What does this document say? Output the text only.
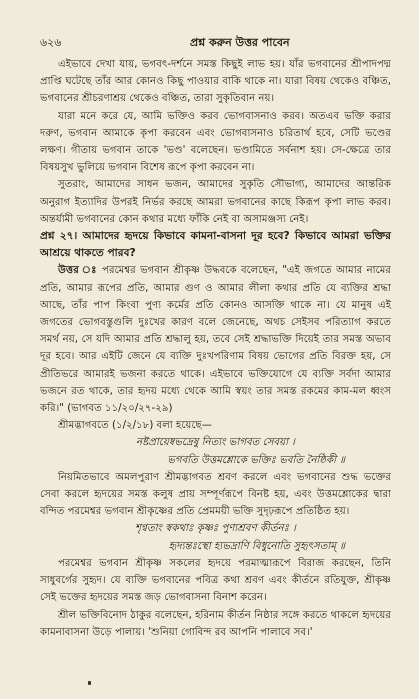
৬২৬	প্রশ্ন করুন উত্তর পাবেন

এইভাবে দেখা যায়, ভগবৎ-দর্শনে সমস্ত কিছুই লাভ হয়। যাঁর ভগবানের শ্রীপাদপদ্ম প্রাপ্তি ঘটেছে তাঁর আর কোনও কিছু পাওয়ার বাকি থাকে না। যারা বিষয় থেকেও বঞ্চিত, ভগবানের শ্রীচরণাশ্রয় থেকেও বঞ্চিত, তারা সুকৃতিবান নয়।

যারা মনে করে যে, আমি ভক্তিও করব ভোগবাসনাও করব। অতএব ভক্তি করার দরুণ, ভগবান আমাকে কৃপা করবেন এবং ভোগবাসনাও চরিতার্থ হবে, সেটি ভণ্ডের লক্ষণ। গীতায় ভগবান তাকে 'ভণ্ড' বলেছেন। ভণ্ডামিতে সর্বনাশ হয়। সে-ক্ষেত্রে তার বিষয়সুখ ভুলিয়ে ভগবান বিশেষ রূপে কৃপা করবেন না।

সুতরাং, আমাদের সাধন ভজন, আমাদের সুকৃতি সৌভাগ্য, আমাদের আন্তরিক অনুরাগ ইত্যাদির উপরই নির্ভর করছে আমরা ভগবানের কাছে কিরূপ কৃপা লাভ করব। অন্তর্যামী ভগবানের কোন কথার মধ্যে ফাঁকি নেই বা অসামঞ্জস্য নেই।

প্রশ্ন ২৭। আমাদের হৃদয়ে কিভাবে কামনা-বাসনা দূর হবে? কিভাবে আমরা ভক্তির আশ্রয়ে থাকতে পারব?

উত্তর ঃ পরমেশ্বর ভগবান শ্রীকৃষ্ণ উদ্ধবকে বলেছেন, "এই জগতে আমার নামের প্রতি, আমার রূপের প্রতি, আমার গুণ ও আমার লীলা কথার প্রতি যে ব্যক্তির শ্রদ্ধা আছে, তাঁর পাপ কিংবা পুণ্য কর্মের প্রতি কোনও আসক্তি থাকে না। যে মানুষ এই জগতের ভোগবস্তুগুলি দুঃখের কারণ বলে জেনেছে, অথচ সেইসব পরিত্যাগ করতে সমর্থ নয়, সে যদি আমার প্রতি শ্রদ্ধালু হয়, তবে সেই শ্রদ্ধাভক্তি দিয়েই তার সমস্ত অভাব দূর হবে। আর এইটি জেনে যে ব্যক্তি দুঃখপরিণাম বিষয় ভোগের প্রতি বিরক্ত হয়, সে প্রীতিভরে আমারই ভজনা করতে থাকে। এইভাবে ভক্তিযোগে যে ব্যক্তি সর্বদা আমার ভজনে রত থাকে, তার হৃদয় মধ্যে থেকে আমি স্বয়ং তার সমস্ত রকমের কাম-মল ধ্বংস করি।" (ভাগবত ১১/২০/২৭-২৯)

শ্রীমদ্ভাগবতে (১/২/১৮) বলা হয়েছে—

নষ্টপ্রায়েষ্বভদ্রেষু নিত্যং ভাগবত সেবয়া ।

ভগবতি উত্তমশ্লোকে ভক্তিঃ ভবতি নৈষ্ঠিকী ॥

নিয়মিতভাবে অমলপুরাণ শ্রীমদ্ভাগবত শ্রবণ করলে এবং ভগবানের শুদ্ধ ভক্তের সেবা করলে হৃদয়ের সমস্ত কলুষ প্রায় সম্পূর্ণরূপে বিনষ্ট হয়, এবং উত্তমশ্লোকের দ্বারা বন্দিত পরমেশ্বর ভগবান শ্রীকৃষ্ণের প্রতি প্রেমময়ী ভক্তি সুদৃঢ়রূপে প্রতিষ্ঠিত হয়।

শৃণ্বতাং স্বকথাঃ কৃষ্ণঃ পুণ্যশ্রবণ কীর্তনঃ ।

হৃদ্যন্তঃস্থো হ্যভদ্রাণি বিধুনোতি সুহৃৎসতাম্ ॥

পরমেশ্বর ভগবান শ্রীকৃষ্ণ সকলের হৃদয়ে পরমাত্মারূপে বিরাজ করছেন, তিনি সাধুবর্গের সুহৃদ। যে ব্যক্তি ভগবানের পবিত্র কথা শ্রবণ এবং কীর্তনে রতিযুক্ত, শ্রীকৃষ্ণ সেই ভক্তের হৃদয়ের সমস্ত জড় ভোগবাসনা বিনাশ করেন।

শ্রীল ভক্তিবিনোদ ঠাকুর বলেছেন, হরিনাম কীর্তন নিষ্ঠার সঙ্গে করতে থাকলে হৃদয়ের কামনাবাসনা উড়ে পালায়। 'শুনিয়া গোবিন্দ রব আপনি পালাবে সব।'
